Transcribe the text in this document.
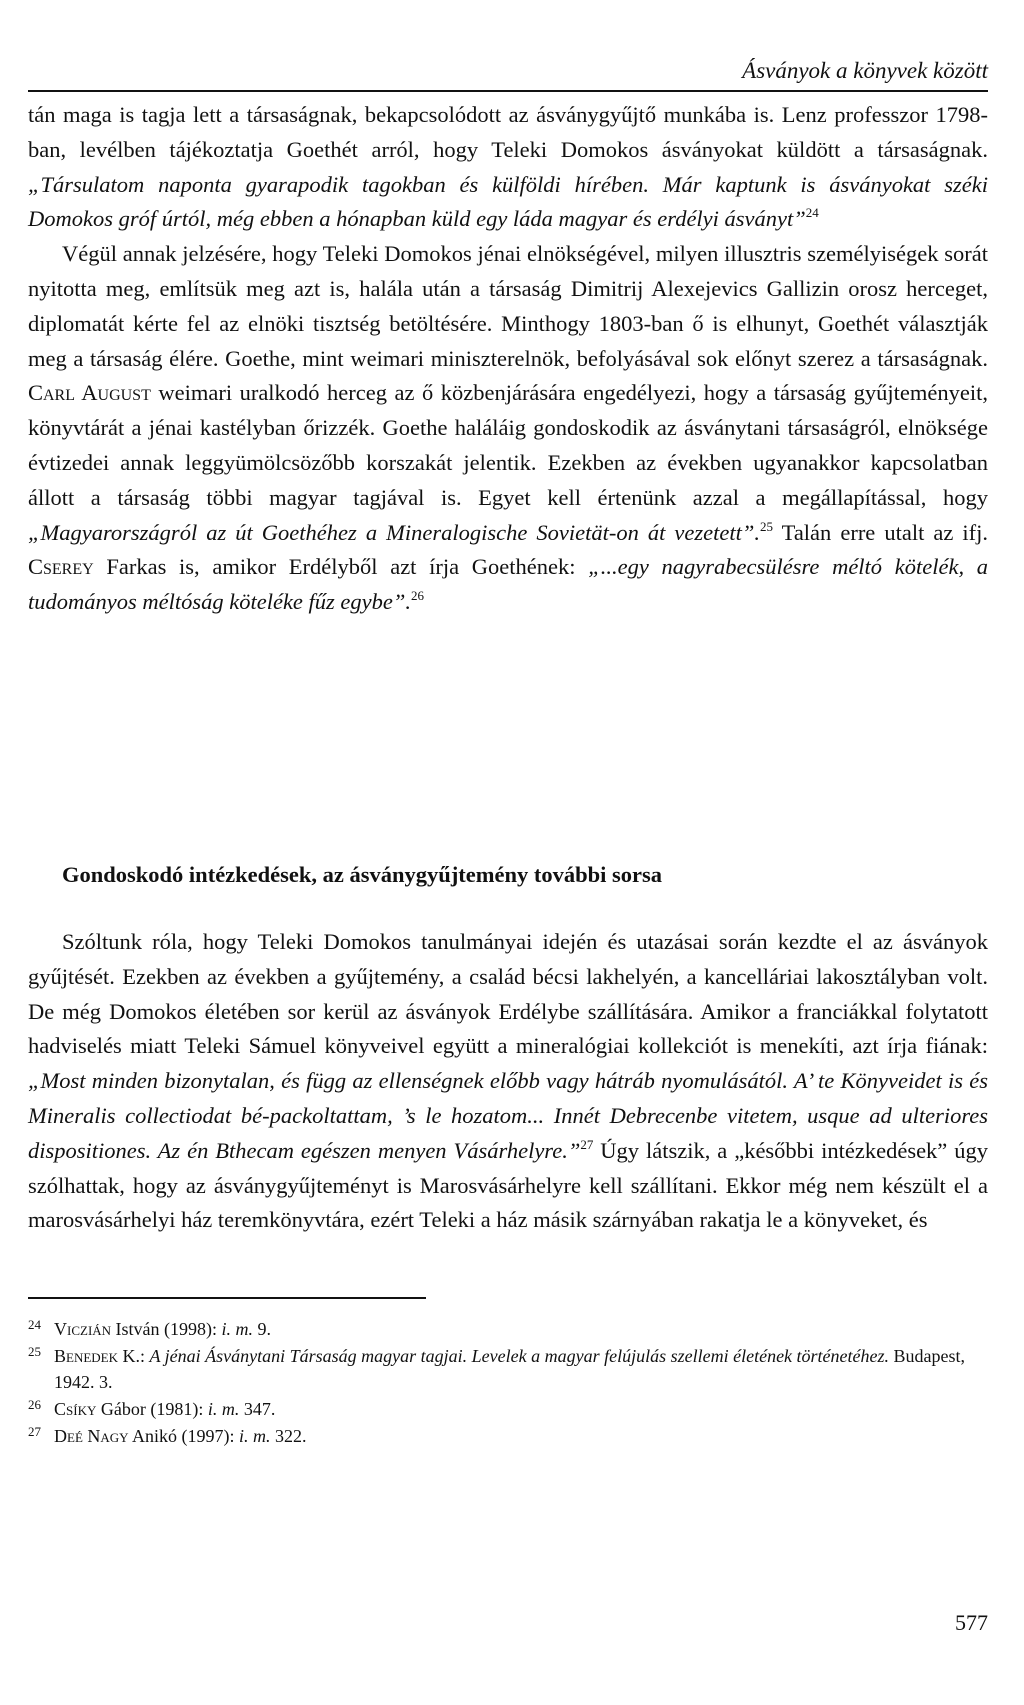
Ásványok a könyvek között

tán maga is tagja lett a társaságnak, bekapcsolódott az ásványgyűjtő munkába is. Lenz professzor 1798-ban, levélben tájékoztatja Goethét arról, hogy Teleki Domokos ásványokat küldött a társaságnak. „Társulatom naponta gyarapodik tagokban és külföldi hírében. Már kaptunk is ásványokat széki Domokos gróf úrtól, még ebben a hónapban küld egy láda magyar és erdélyi ásványt”$^{24}$

Végül annak jelzésére, hogy Teleki Domokos jénai elnökségével, milyen illusztris személyiségek sorát nyitotta meg, említsük meg azt is, halála után a társaság Dimitrij Alexejevics Gallizin orosz herceget, diplomatát kérte fel az elnöki tisztség betöltésére. Minthogy 1803-ban ő is elhunyt, Goethét választják meg a társaság élére. Goethe, mint weimari miniszterelnök, befolyásával sok előnyt szerez a társaságnak. Carl August weimari uralkodó herceg az ő közbenjárására engedélyezi, hogy a társaság gyűjteményeit, könyvtárát a jénai kastélyban őrizzék. Goethe haláláig gondoskodik az ásványtani társaságról, elnöksége évtizedei annak leggyümölcsözőbb korszakát jelentik. Ezekben az években ugyanakkor kapcsolatban állott a társaság többi magyar tagjával is. Egyet kell értenünk azzal a megállapítással, hogy „Magyarországról az út Goethéhez a Mineralogische Sovietät-on át vezetett”.$^{25}$ Talán erre utalt az ifj. Cserey Farkas is, amikor Erdélyből azt írja Goethének: „...egy nagyrabecsülésre méltó kötelék, a tudományos méltóság köteléke fűz egybe”.$^{26}$

Gondoskodó intézkedések, az ásványgyűjtemény további sorsa

Szóltunk róla, hogy Teleki Domokos tanulmányai idején és utazásai során kezdte el az ásványok gyűjtését. Ezekben az években a gyűjtemény, a család bécsi lakhelyén, a kancelláriai lakosztályban volt. De még Domokos életében sor kerül az ásványok Erdélybe szállítására. Amikor a franciákkal folytatott hadviselés miatt Teleki Sámuel könyveivel együtt a mineralógiai kollekciót is menekíti, azt írja fiának: „Most minden bizonytalan, és függ az ellenségnek előbb vagy hátráb nyomulásától. A’ te Könyveidet is és Mineralis collectiodat bé-packoltattam, ’s le hozatom... Innét Debrecenbe vitetem, usque ad ulteriores dispositiones. Az én Bthecam egészen menyen Vásárhelyre.”$^{27}$ Úgy látszik, a „későbbi intézkedések” úgy szólhattak, hogy az ásványgyűjteményt is Marosvásárhelyre kell szállítani. Ekkor még nem készült el a marosvásárhelyi ház teremkönyvtára, ezért Teleki a ház másik szárnyában rakatja le a könyveket, és

24 Viczián István (1998): i. m. 9.
25 Benedek K.: A jénai Ásványtani Társaság magyar tagjai. Levelek a magyar felújulás szellemi életének történetéhez. Budapest, 1942. 3.
26 Csíky Gábor (1981): i. m. 347.
27 Deé Nagy Anikó (1997): i. m. 322.
577
